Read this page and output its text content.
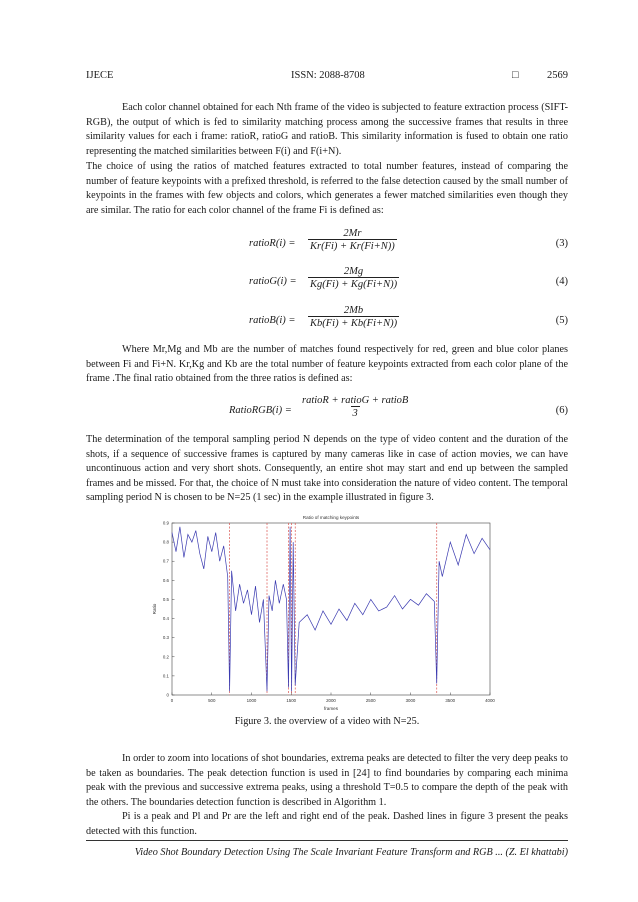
IJECE	ISSN: 2088-8708	□	2569

Each color channel obtained for each Nth frame of the video is subjected to feature extraction process (SIFT-RGB), the output of which is fed to similarity matching process among the successive frames that results in three similarity values for each i frame: ratioR, ratioG and ratioB. This similarity information is fused to obtain one ratio representing the matched similarities between F(i) and F(i+N).

The choice of using the ratios of matched features extracted to total number features, instead of comparing the number of feature keypoints with a prefixed threshold, is referred to the false detection caused by the small number of keypoints in the frames with few objects and colors, which generates a fewer matched similarities even though they are similar. The ratio for each color channel of the frame Fi is defined as:

ratioR(i) = $\frac{2Mr}{Kr(Fi) + Kr(Fi+N))}$	(3)
ratioG(i) = $\frac{2Mg}{Kg(Fi) + Kg(Fi+N))}$	(4)
ratioB(i) = $\frac{2Mb}{Kb(Fi) + Kb(Fi+N))}$	(5)

Where Mr,Mg and Mb are the number of matches found respectively for red, green and blue color planes between Fi and Fi+N. Kr,Kg and Kb are the total number of feature keypoints extracted from each color plane of the frame .The final ratio obtained from the three ratios is defined as:

RatioRGB(i) =
ratioR + ratioG + ratioB
3	(6)

The determination of the temporal sampling period N depends on the type of video content and the duration of the shots, if a sequence of successive frames is captured by many cameras like in case of action movies, we can have uncontinuous action and very short shots. Consequently, an entire shot may start and end up between the sampled frames and be missed. For that, the choice of N must take into consideration the nature of video content. The temporal sampling period N is chosen to be N=25 (1 sec) in the example illustrated in figure 3.

Ratio of matching keypoints
frames
Ratio
0	500	1000	1500	2000	2500	3000	3500	4000
0
0.1
0.2
0.3
0.4
0.5
0.6
0.7
0.8
0.9
Figure 3. the overview of a video with N=25.

In order to zoom into locations of shot boundaries, extrema peaks are detected to filter the very deep peaks to be taken as boundaries. The peak detection function is used in [24] to find boundaries by comparing each minima peak with the previous and successive extrema peaks, using a threshold T=0.5 to compare the depth of the peak with the others. The boundaries detection function is described in Algorithm 1.

Pi is a peak and Pl and Pr are the left and right end of the peak. Dashed lines in figure 3 present the peaks detected with this function.

Video Shot Boundary Detection Using The Scale Invariant Feature Transform and RGB ... (Z. El khattabi)
